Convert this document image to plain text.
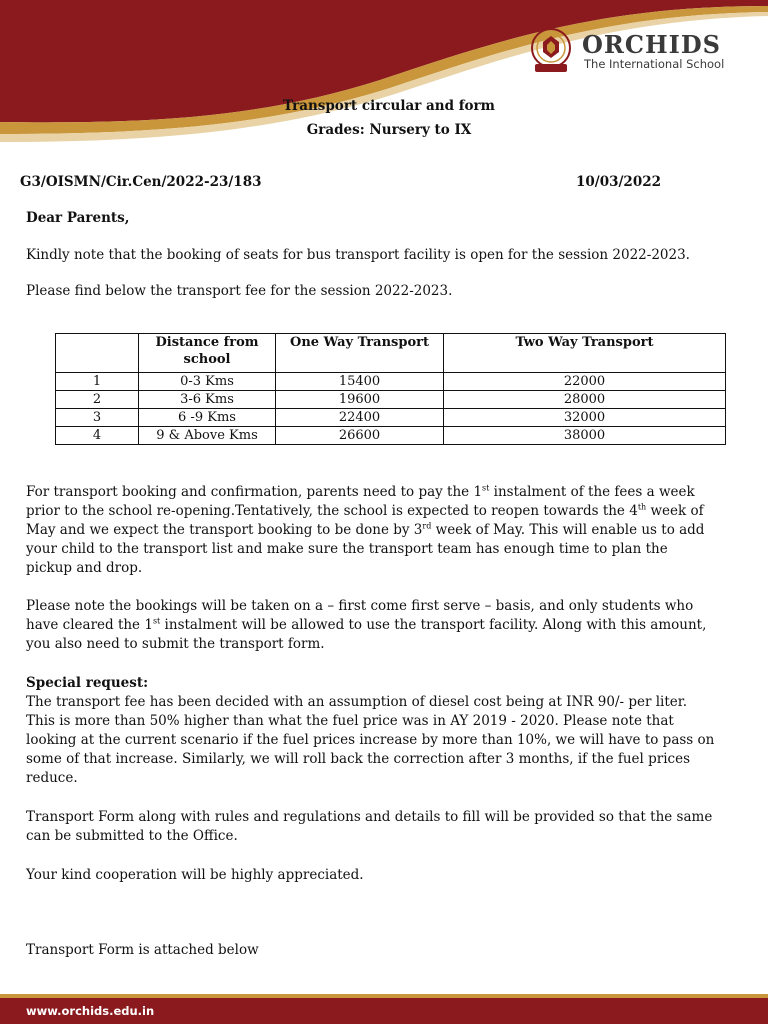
ORCHIDS
The International School
Transport circular and form
Grades: Nursery to IX
G3/OISMN/Cir.Cen/2022-23/183	10/03/2022

Dear Parents,

Kindly note that the booking of seats for bus transport facility is open for the session 2022-2023.

Please find below the transport fee for the session 2022-2023.

	Distance from school	One Way Transport	Two Way Transport
1	0-3 Kms	15400	22000
2	3-6 Kms	19600	28000
3	6 -9 Kms	22400	32000
4	9 & Above Kms	26600	38000

For transport booking and confirmation, parents need to pay the 1st instalment of the fees a week prior to the school re-opening.Tentatively, the school is expected to reopen towards the 4th week of May and we expect the transport booking to be done by 3rd week of May. This will enable us to add your child to the transport list and make sure the transport team has enough time to plan the pickup and drop.

Please note the bookings will be taken on a – first come first serve – basis, and only students who have cleared the 1st instalment will be allowed to use the transport facility. Along with this amount, you also need to submit the transport form.

Special request:
The transport fee has been decided with an assumption of diesel cost being at INR 90/- per liter. This is more than 50% higher than what the fuel price was in AY 2019 - 2020. Please note that looking at the current scenario if the fuel prices increase by more than 10%, we will have to pass on some of that increase. Similarly, we will roll back the correction after 3 months, if the fuel prices reduce.

Transport Form along with rules and regulations and details to fill will be provided so that the same can be submitted to the Office.

Your kind cooperation will be highly appreciated.

Transport Form is attached below

www.orchids.edu.in
